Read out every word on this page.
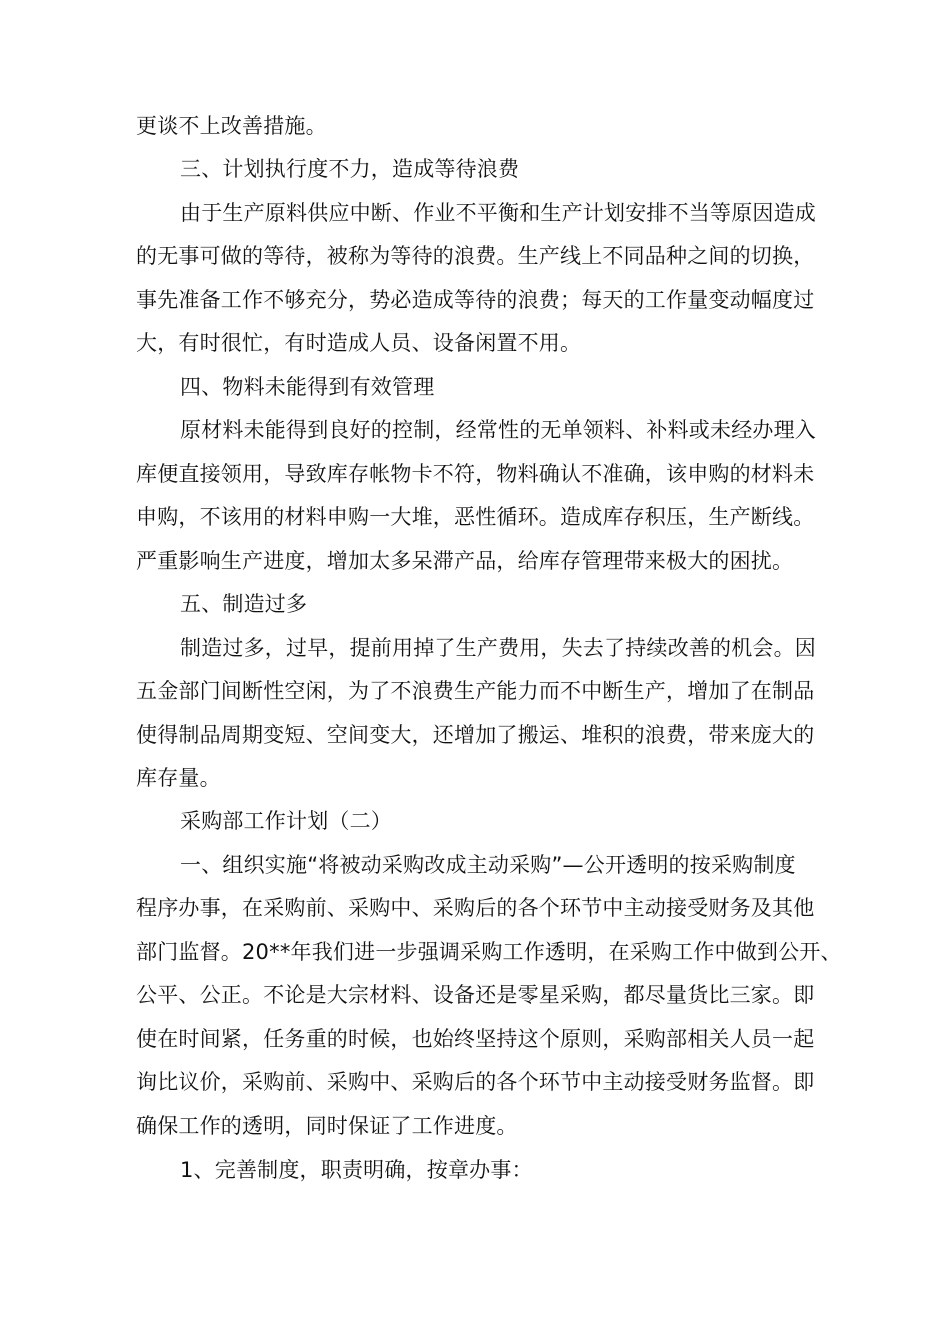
更谈不上改善措施。
三、计划执行度不力，造成等待浪费
由于生产原料供应中断、作业不平衡和生产计划安排不当等原因造成
的无事可做的等待，被称为等待的浪费。生产线上不同品种之间的切换，
事先准备工作不够充分，势必造成等待的浪费；每天的工作量变动幅度过
大，有时很忙，有时造成人员、设备闲置不用。
四、物料未能得到有效管理
原材料未能得到良好的控制，经常性的无单领料、补料或未经办理入
库便直接领用，导致库存帐物卡不符，物料确认不准确，该申购的材料未
申购，不该用的材料申购一大堆，恶性循环。造成库存积压，生产断线。
严重影响生产进度，增加太多呆滞产品，给库存管理带来极大的困扰。
五、制造过多
制造过多，过早，提前用掉了生产费用，失去了持续改善的机会。因
五金部门间断性空闲，为了不浪费生产能力而不中断生产，增加了在制品
使得制品周期变短、空间变大，还增加了搬运、堆积的浪费，带来庞大的
库存量。
采购部工作计划（二）
一、组织实施“将被动采购改成主动采购”—公开透明的按采购制度
程序办事，在采购前、采购中、采购后的各个环节中主动接受财务及其他
部门监督。20**年我们进一步强调采购工作透明，在采购工作中做到公开、
公平、公正。不论是大宗材料、设备还是零星采购，都尽量货比三家。即
使在时间紧，任务重的时候，也始终坚持这个原则，采购部相关人员一起
询比议价，采购前、采购中、采购后的各个环节中主动接受财务监督。即
确保工作的透明，同时保证了工作进度。
1、完善制度，职责明确，按章办事：
